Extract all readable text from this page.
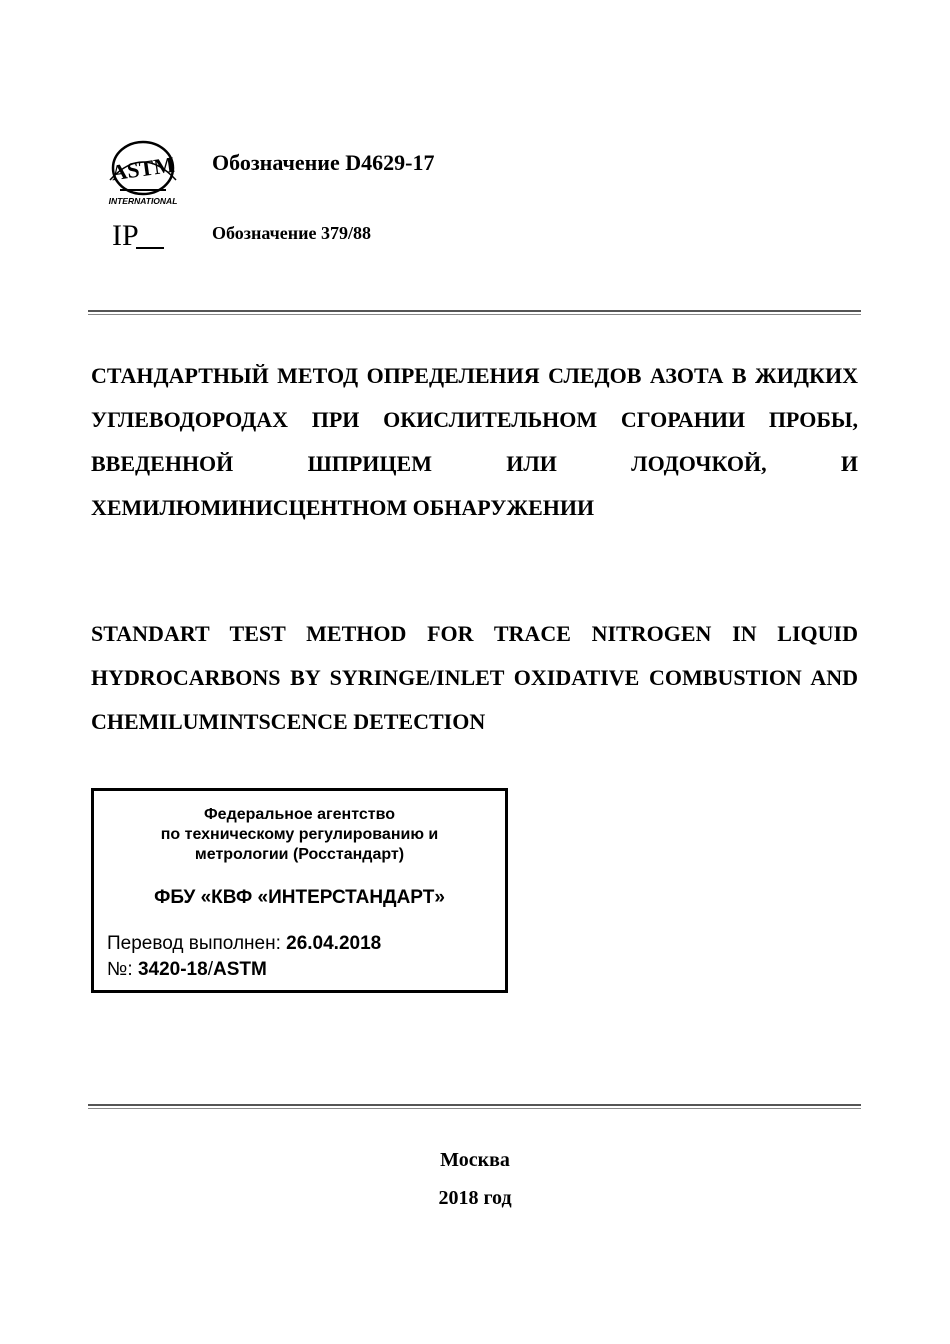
ASTM
INTERNATIONAL
IP
Обозначение D4629-17
Обозначение 379/88

СТАНДАРТНЫЙ МЕТОД ОПРЕДЕЛЕНИЯ СЛЕДОВ АЗОТА В ЖИДКИХ УГЛЕВОДОРОДАХ ПРИ ОКИСЛИТЕЛЬНОМ СГОРАНИИ ПРОБЫ, ВВЕДЕННОЙ ШПРИЦЕМ ИЛИ ЛОДОЧКОЙ, И ХЕМИЛЮМИНИСЦЕНТНОМ ОБНАРУЖЕНИИ

STANDART TEST METHOD FOR TRACE NITROGEN IN LIQUID HYDROCARBONS BY SYRINGE/INLET OXIDATIVE COMBUSTION AND CHEMILUMINTSCENCE DETECTION

Федеральное агентство
по техническому регулированию и
метрологии (Росстандарт)
ФБУ «КВФ «ИНТЕРСТАНДАРТ»
Перевод выполнен: 26.04.2018
№: 3420-18/ASTM
Москва
2018 год
